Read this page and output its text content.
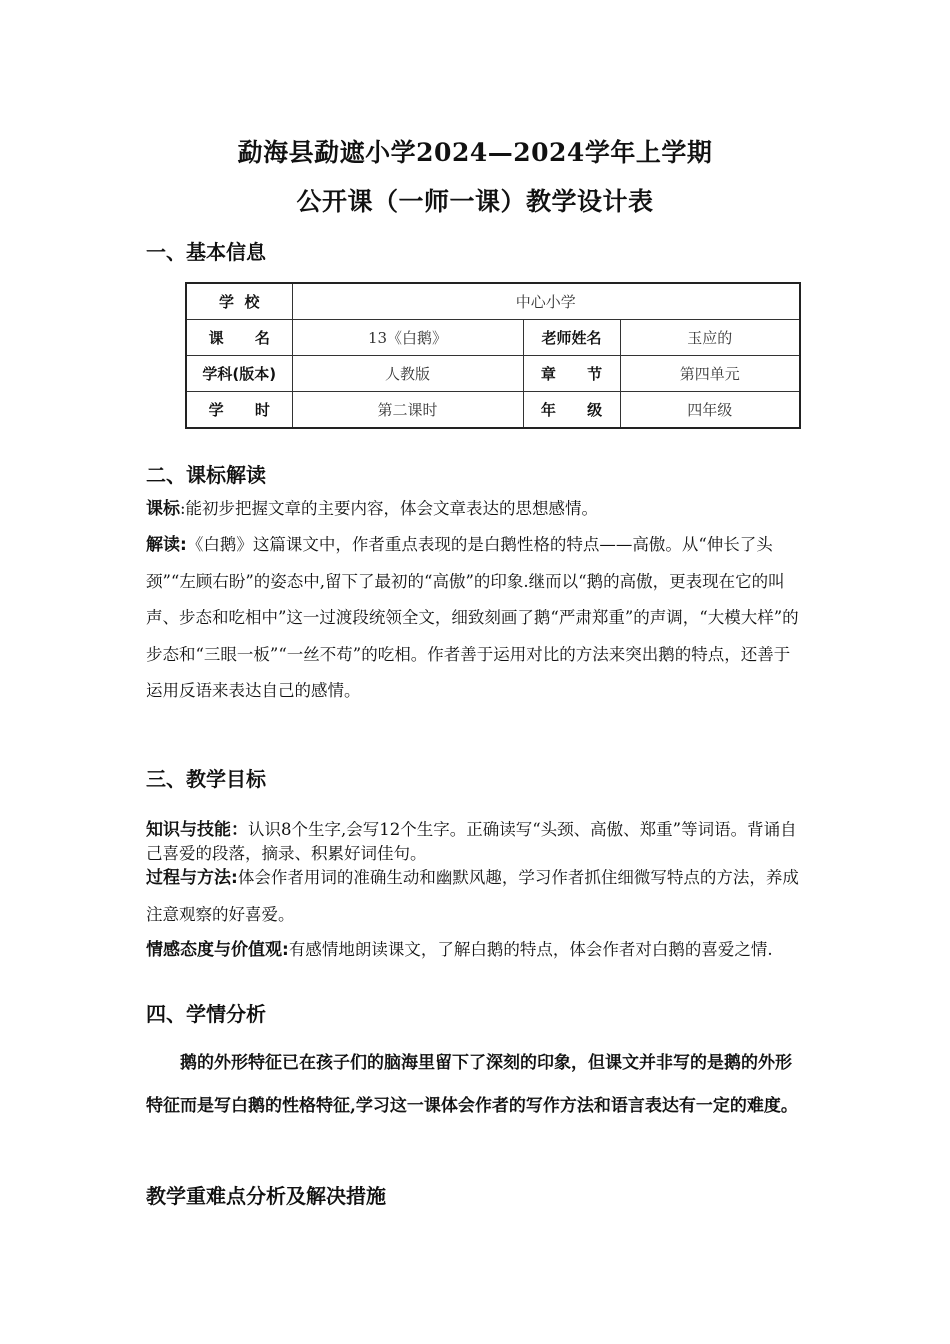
勐海县勐遮小学2024—2024学年上学期
公开课（一师一课）教学设计表
一、基本信息
学  校	中心小学		
课      名	13《白鹅》	老师姓名	玉应的
学科(版本)	人教版	章      节	第四单元
学      时	第二课时	年      级	四年级
二、课标解读
课标:能初步把握文章的主要内容，体会文章表达的思想感情。
解读:《白鹅》这篇课文中，作者重点表现的是白鹅性格的特点——高傲。从“伸长了头颈”“左顾右盼”的姿态中,留下了最初的“高傲”的印象.继而以“鹅的高傲，更表现在它的叫声、步态和吃相中”这一过渡段统领全文，细致刻画了鹅“严肃郑重”的声调，“大模大样”的步态和“三眼一板”“一丝不苟”的吃相。作者善于运用对比的方法来突出鹅的特点，还善于运用反语来表达自己的感情。
三、教学目标
知识与技能：认识8个生字,会写12个生字。正确读写“头颈、高傲、郑重”等词语。背诵自己喜爱的段落，摘录、积累好词佳句。
过程与方法:体会作者用词的准确生动和幽默风趣，学习作者抓住细微写特点的方法，养成注意观察的好喜爱。
情感态度与价值观:有感情地朗读课文，了解白鹅的特点，体会作者对白鹅的喜爱之情.
四、学情分析
鹅的外形特征已在孩子们的脑海里留下了深刻的印象，但课文并非写的是鹅的外形特征而是写白鹅的性格特征,学习这一课体会作者的写作方法和语言表达有一定的难度。
教学重难点分析及解决措施
